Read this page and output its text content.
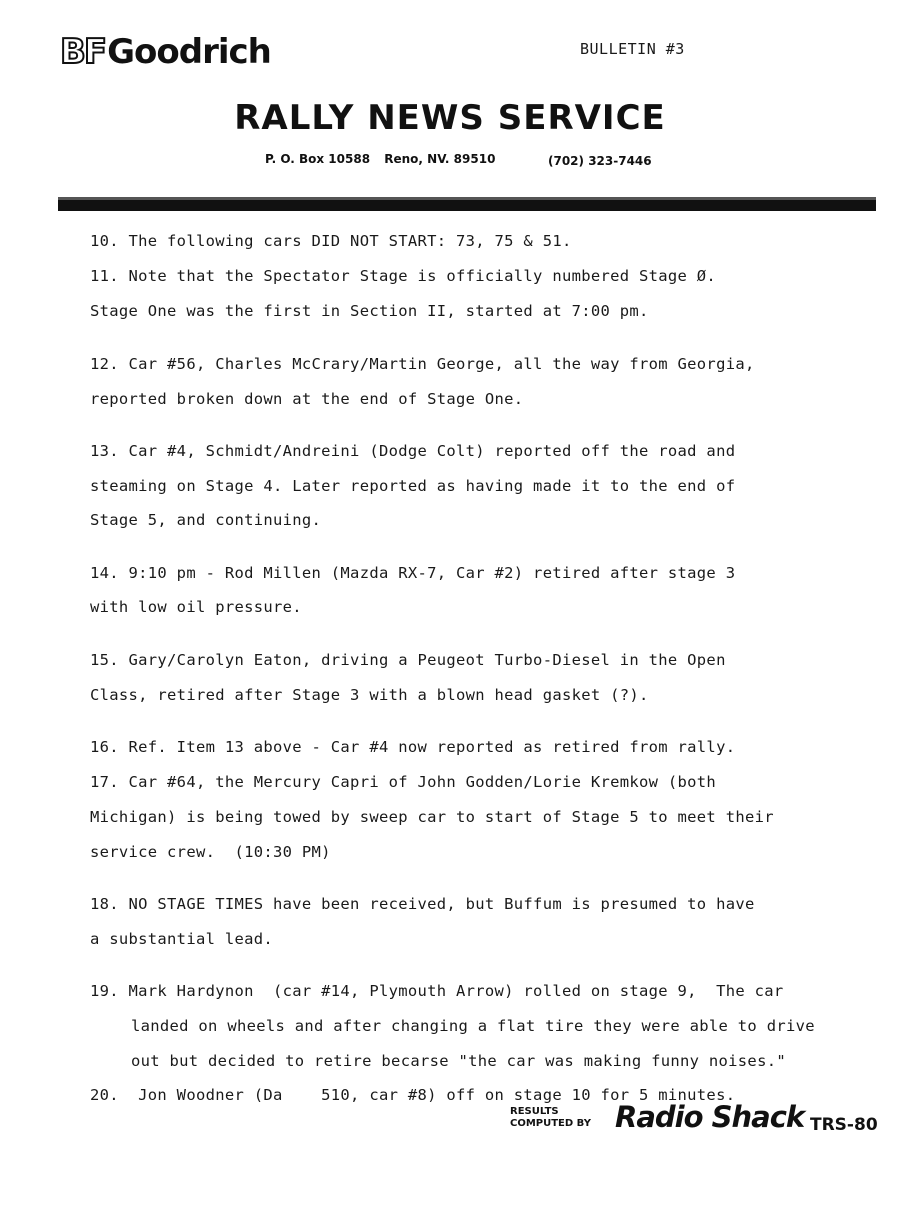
BF Goodrich	BULLETIN #3
RALLY NEWS SERVICE
P. O. Box 10588 Reno, NV. 89510	(702) 323-7446
10. The following cars DID NOT START: 73, 75 & 51.
11. Note that the Spectator Stage is officially numbered Stage Ø.
Stage One was the first in Section II, started at 7:00 pm.
12. Car #56, Charles McCrary/Martin George, all the way from Georgia,
reported broken down at the end of Stage One.
13. Car #4, Schmidt/Andreini (Dodge Colt) reported off the road and
steaming on Stage 4. Later reported as having made it to the end of
Stage 5, and continuing.
14. 9:10 pm - Rod Millen (Mazda RX-7, Car #2) retired after stage 3
with low oil pressure.
15. Gary/Carolyn Eaton, driving a Peugeot Turbo-Diesel in the Open
Class, retired after Stage 3 with a blown head gasket (?).
16. Ref. Item 13 above - Car #4 now reported as retired from rally.
17. Car #64, the Mercury Capri of John Godden/Lorie Kremkow (both
Michigan) is being towed by sweep car to start of Stage 5 to meet their
service crew.  (10:30 PM)
18. NO STAGE TIMES have been received, but Buffum is presumed to have
a substantial lead.
19. Mark Hardynon  (car #14, Plymouth Arrow) rolled on stage 9,  The car
landed on wheels and after changing a flat tire they were able to drive
out but decided to retire becarse "the car was making funny noises."
20.  Jon Woodner (Da    510, car #8) off on stage 10 for 5 minutes.
RESULTS
COMPUTED BY Radio Shack TRS-80
